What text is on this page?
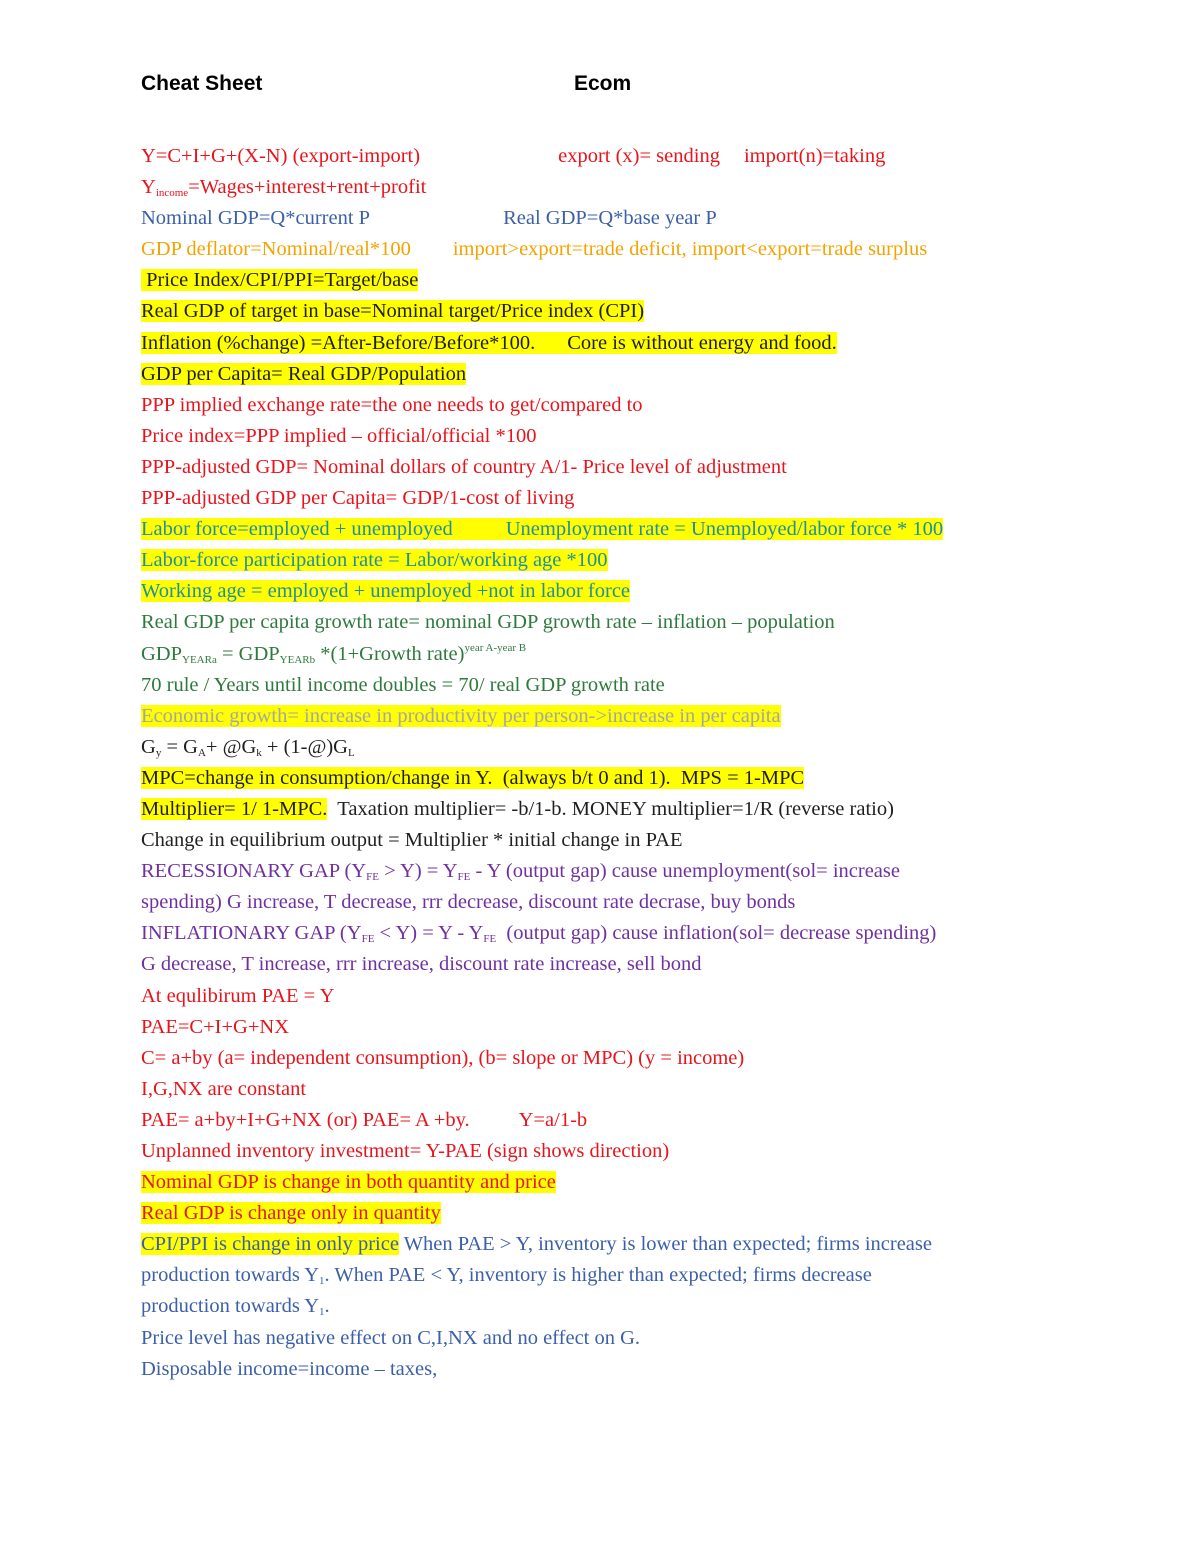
Cheat Sheet	Ecom
Y=C+I+G+(X-N) (export-import)	export (x)= sending import(n)=taking
$Y_{income}=Wages+interest+rent+profit$
Nominal GDP=Q*current P	Real GDP=Q*base year P
GDP deflator=Nominal/real*100 import>export=trade deficit, import<export=trade surplus
Price Index/CPI/PPI=Target/base
Real GDP of target in base=Nominal target/Price index (CPI)
Inflation (%change) =After-Before/Before*100. Core is without energy and food.
GDP per Capita= Real GDP/Population
PPP implied exchange rate=the one needs to get/compared to
Price index=PPP implied – official/official *100
PPP-adjusted GDP= Nominal dollars of country A/1- Price level of adjustment
PPP-adjusted GDP per Capita= GDP/1-cost of living
Labor force=employed + unemployed	Unemployment rate = Unemployed/labor force * 100
Labor-force participation rate = Labor/working age *100
Working age = employed + unemployed +not in labor force
Real GDP per capita growth rate= nominal GDP growth rate – inflation – population
$GDP_{YEARa} = GDP_{YEARb}$ *(1+Growth rate)$^{year A-year B}$
70 rule / Years until income doubles = 70/ real GDP growth rate
Economic growth= increase in productivity per person->increase in per capita
$G_y = G_A+$ $@G_k$ + $(1-@)G_L$
MPC=change in consumption/change in Y.  (always b/t 0 and 1).  MPS = 1-MPC
Multiplier= 1/ 1-MPC.  Taxation multiplier= -b/1-b. MONEY multiplier=1/R (reverse ratio)
Change in equilibrium output = Multiplier * initial change in PAE
RECESSIONARY GAP $(Y_{FE} > Y) = Y_{FE} - Y$ (output gap) cause unemployment(sol= increase
spending) G increase, T decrease, rrr decrease, discount rate decrase, buy bonds
INFLATIONARY GAP $(Y_{FE} < Y) = Y - Y_{FE}$  (output gap) cause inflation(sol= decrease spending)
G decrease, T increase, rrr increase, discount rate increase, sell bond
At equlibirum PAE = Y
PAE=C+I+G+NX
C= a+by (a= independent consumption), (b= slope or MPC) (y = income)
I,G,NX are constant
PAE= a+by+I+G+NX (or) PAE= A +by. Y=a/1-b
Unplanned inventory investment= Y-PAE (sign shows direction)
Nominal GDP is change in both quantity and price
Real GDP is change only in quantity
CPI/PPI is change in only price When PAE > Y, inventory is lower than expected; firms increase
production towards $Y_1$. When PAE < Y, inventory is higher than expected; firms decrease
production towards $Y_1$.
Price level has negative effect on C,I,NX and no effect on G.
Disposable income=income – taxes,
